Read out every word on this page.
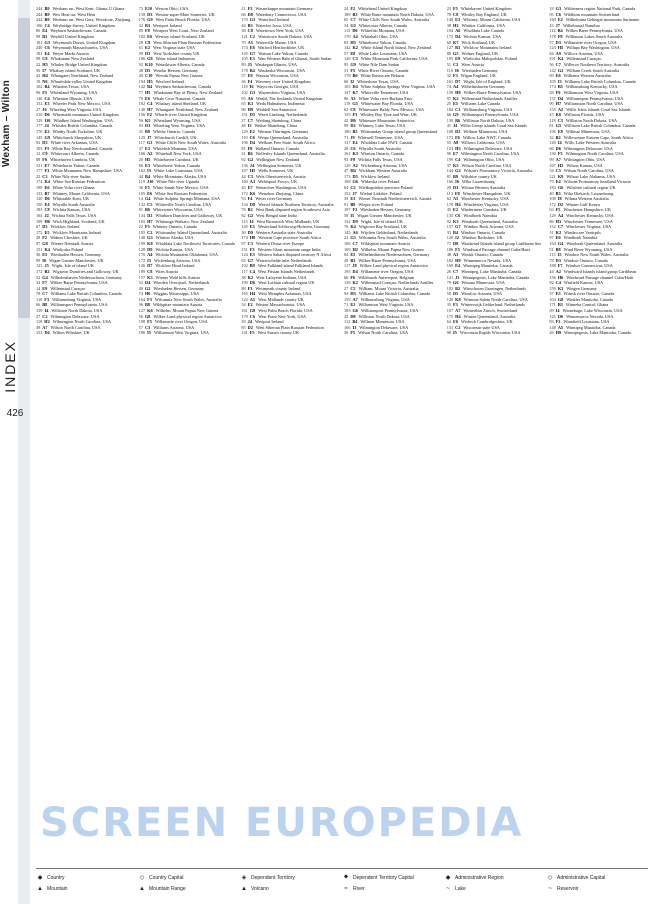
Wexham – Wilton
INDEX
426
244 B9 Wexham rur. West Kent, Ghana, U Ghana
244 B9 Wex Heat rur. West Heat
244 B9 Wexham rur. West Gera, Woodcote, Zhejiang
106 C4 Weybridge Surrey, United Kingdom
86 E4 Weyburn Saskatchewan, Canada
98 B3 Weyhill United Kingdom
181 G3 Weymouth Dorset, United Kingdom
240 C6 Weymouth Massachusetts, USA
181 E4 Weyer Markt Austria
98 C8 Whakatane New Zealand
22 H5 Whaley Bridge United Kingdom
56 I7 Whalsay island Scotland, UK
43 H4 Whangarei Northland, New Zealand
19 N6 Wharfedale valley United Kingdom
102 B4 Wharton Texas, USA
96 F5 Wheatland Wyoming, USA
146 C4 Wheaton Illinois, USA
152 E3 Wheeler Peak New Mexico, USA
27 J6 Wheeling West Virginia, USA
210 D6 Whernside mountain United Kingdom
129 I10 Whidbey Island Washington, USA
177 J4 Whistler British Columbia, Canada
170 E2 Whitby North Yorkshire, UK
145 G9 Whitchurch Shropshire, UK
92 D3 White river Arkansas, USA
103 F5 White Bay Newfoundland, Canada
12 C9 Whitecourt Alberta, Canada
88 F6 Whitehaven Cumbria, UK
121 E7 Whitehorse Yukon, Canada
177 F3 White Mountains New Hampshire, USA
25 C3 White Nile river Sudan
174 K4 White Sea Russian Federation
199 E6 White Volta river Ghana
133 B7 Whitney, Mount California, USA
120 D6 Whitstable Kent, UK
150 E4 Whyalla South Australia
183 C8 Wichita Kansas, USA
164 J2 Wichita Falls Texas, USA
199 H6 Wick Highland, Scotland, UK
67 D3 Wicklow Ireland
172 E5 Wicklow Mountains Ireland
28 F2 Widnes Cheshire, UK
97 G8 Wiener Neustadt Austria
151 K4 Wieliczka Poland
36 E5 Wiesbaden Hessen, Germany
99 I6 Wigan Greater Manchester, UK
123 J5 Wight, Isle of island UK
172 B2 Wigtown Dumfries and Galloway, UK
52 G4 Wilhelmshaven Niedersachsen, Germany
34 F7 Wilkes-Barre Pennsylvania, USA
14 E9 Willemstad Curaçao
78 C7 Williams Lake British Columbia, Canada
110 F3 Williamsburg Virginia, USA
66 B8 Williamsport Pennsylvania, USA
159 I4 Williston North Dakota, USA
27 C2 Wilmington Delaware, USA
118 H2 Wilmington North Carolina, USA
49 A7 Wilson North Carolina, USA
153 D4 Wilton Wiltshire, UK
73 E10 Weston Ohio, USA
139 D3 Weston-super-Mare Somerset, UK
176 G9 West Palm Beach Florida, USA
32 B3 Westport Ireland
89 F8 Westport West Coast, New Zealand
182 E6 Westray island Scotland, UK
28 C9 West Siberian Plain Russian Federation
61 E2 West Virginia state USA
99 D3 West Yorkshire county UK
186 G8 Wetar island Indonesia
92 K10 Wetaskiwin Alberta, Canada
48 D5 Wetzlar Hessen, Germany
40 C10 Wewak Papua New Guinea
194 H5 Wexford Ireland
142 B4 Weyburn Saskatchewan, Canada
77 H5 Whakatane Bay of Plenty, New Zealand
70 E6 Whale Cove Nunavut, Canada
102 C4 Whalsay island Shetland, UK
140 H7 Whangarei Northland, New Zealand
156 F2 Wharfe river United Kingdom
56 K5 Wheatland Wyoming, USA
83 D3 Wheeling West Virginia, USA
31 B9 Whitby Ontario, Canada
125 J7 Whitchurch Cardiff, UK
117 G3 White Cliffs New South Wales, Australia
37 E3 Whitefish Montana, USA
166 A2 Whitehall New York, USA
20 H5 Whitehaven Cumbria, UK
86 E3 Whitehorse Yukon, Canada
162 I3 White Lake Louisiana, USA
44 B4 White Mountains Alaska, USA
119 J10 White Nile river Uganda
36 F5 White Sands New Mexico, USA
105 E6 White Sea Russian Federation
14 G4 White Sulphur Springs Montana, USA
132 C5 Whiteville North Carolina, USA
81 B6 Whitewater Wisconsin, USA
134 D2 Whithorn Dumfries and Galloway, UK
165 H7 Whitianga Waikato, New Zealand
22 F5 Whitney Ontario, Canada
105 C2 Whitsunday Island Queensland, Australia
148 G3 Whittier Alaska, USA
199 K8 Wholdaia Lake Northwest Territories, Canada
128 D9 Wichita Kansas, USA
176 A4 Wichita Mountains Oklahoma, USA
172 I3 Wickenburg Arizona, USA
126 D7 Wicklow Head Ireland
189 C8 Wien Austria
157 K3 Wiener Wald hills Austria
52 D4 Wierden Overijssel, Netherlands
40 G2 Wiesbaden Hessen, Germany
74 H6 Wiggins Mississippi, USA
164 F3 Wilcannia New South Wales, Australia
96 B8 Wildspitze mountain Austria
127 K6 Wilhelm, Mount Papua New Guinea
56 G8 Wilkes Land physical region Antarctica
198 F5 Willamette river Oregon, USA
57 C3 Williams Arizona, USA
186 I5 Williamson West Virginia, USA
21 F3 Wasserkuppe mountain Germany
66 D8 Waterbury Connecticut, USA
170 G3 Waterford Ireland
44 B3 Waterloo Iowa, USA
38 C8 Watertown New York, USA
121 C2 Watertown South Dakota, USA
70 A5 Waterville Maine, USA
174 E6 Watford Hertfordshire, UK
145 G7 Watson Lake Yukon, Canada
105 E3 Wau Western Bahr el Ghazal, South Sudan
89 J5 Waukegan Illinois, USA
178 B4 Waukesha Wisconsin, USA
57 E9 Wausau Wisconsin, USA
36 F4 Waveney river United Kingdom
118 I6 Waycross Georgia, USA
102 G3 Waynesboro Virginia, USA
93 A6 Weald, The lowlands United Kingdom
65 K3 Weda Halmahera, Indonesia
86 H9 Weddell Sea Antarctica
151 D5 Weert Limburg, Netherlands
27 C7 Weifang Shandong, China
48 I3 Weihai Shandong, China
129 E2 Weimar Thüringen, Germany
110 C6 Weipa Queensland, Australia
196 D4 Welkom Free State, South Africa
81 F8 Welland Ontario, Canada
31 B6 Wellesley Islands Queensland, Australia
92 G2 Wellington New Zealand
136 J4 Wellington Somerset, UK
167 H5 Wells Somerset, UK
44 C3 Wels Oberösterreich, Austria
160 A3 Welshpool Powys, UK
45 E7 Wenatchee Washington, USA
172 K6 Wenzhou Zhejiang, China
93 F4 Weser river Germany
134 D8 Wessel Islands Northern Territory, Australia
76 B2 West Bank disputed region Southwest Asia
82 G2 West Bengal state India
115 I4 West Bromwich West Midlands, UK
145 E5 Westerland Schleswig-Holstein, Germany
30 D9 Western Australia state Australia
174 H8 Western Cape province South Africa
97 C3 Western Dvina river Europe
151 F3 Western Ghats mountain range India
124 E5 Western Sahara disputed territory N Africa
63 G7 Westerschelde inlet Netherlands
102 B9 West Falkland island Falkland Islands
117 C4 West Frisian Islands Netherlands
38 K2 West Lafayette Indiana, USA
190 D6 West Lothian cultural region UK
88 F3 Westmeath county Ireland
165 H4 West Memphis Arkansas, USA
122 A5 West Midlands county UK
54 E2 Weston Massachusetts, USA
161 G8 West Palm Beach Florida, USA
179 C6 West Point New York, USA
39 J4 Westport Ireland
85 D2 West Siberian Plain Russian Federation
141 F5 West Sussex county UK
24 F2 Whitehead United Kingdom
189 B3 White Butte mountain North Dakota, USA
65 C7 White Cliffs New South Wales, Australia
34 G2 Whitecourt Alberta, Canada
113 D6 Whitefish Montana, USA
170 A4 Whitehall Ohio, USA
83 H5 Whitehorse Yukon, Canada
142 K2 White Island North Island, New Zealand
57 E8 White Lake Louisiana, USA
126 C3 White Mountain Peak California, USA
95 G9 White Nile Dam Sudan
31 F5 White River Ontario, Canada
178 B6 White Russia see Belarus
60 I2 Whitesboro Texas, USA
103 D4 White Sulphur Springs West Virginia, USA
147 K7 Whiteville Tennessee, USA
86 A3 White Volta river Burkina Faso
119 G5 Whitewater Bay Florida, USA
62 C8 Whitewater Baldy New Mexico, USA
155 F3 Whitley Bay Tyne and Wear, UK
42 H6 Whitmore Mountains Antarctica
99 D2 Whitney, Lake Texas, USA
180 B5 Whitsunday Group island group Queensland
71 J9 Whitwell Tennessee, USA
137 E4 Wholdaia Lake NWT, Canada
28 C6 Whyalla South Australia
161 K3 Wiarton Ontario, Canada
93 F8 Wichita Falls Texas, USA
120 A2 Wickenburg Arizona, USA
47 H4 Wickham Western Australia
173 D5 Wicklow Ireland
108 G6 Widawka river Poland
64 C2 Wielkopolskie province Poland
152 J7 Wieluń Łódzkie, Poland
35 E3 Wiener Neustadt Niederösterreich, Austria
91 B8 Wieprz river Poland
187 F2 Wiesbaden Hessen, Germany
58 I5 Wigan Greater Manchester, UK
132 D9 Wight, Isle of island UK
76 K4 Wigtown Bay Scotland, UK
143 A6 Wijchen Gelderland, Netherlands
22 G3 Wilcannia New South Wales, Australia
106 C7 Wildspitze mountain Austria
169 H2 Wilhelm, Mount Papua New Guinea
84 E5 Wilhelmshaven Niedersachsen, Germany
49 B3 Wilkes-Barre Pennsylvania, USA
117 J8 Wilkes Land physical region Antarctica
195 D4 Willamette river Oregon, USA
66 F6 Willebroek Antwerpen, Belgium
138 K2 Willemstad Curaçao, Netherlands Antilles
27 C5 William, Mount Victoria, Australia
94 H3 Williams Lake British Columbia, Canada
159 A7 Williamsburg Virginia, USA
71 E2 Williamson West Virginia, USA
183 G6 Williamsport Pennsylvania, USA
45 D8 Williston North Dakota, USA
112 B4 Willmar Minnesota, USA
166 I3 Wilmington Delaware, USA
30 F5 Wilson North Carolina, USA
23 F5 Whitehaven United Kingdom
78 C8 Whitley Bay England, UK
149 E3 Whitney, Mount California, USA
38 H2 Whittier California, USA
104 A6 Wholdaia Lake Canada
173 D4 Wichita Kansas, USA
60 K7 Wick Scotland, UK
127 B3 Wicklow Mountains Ireland
88 G5 Widnes England, UK
195 E9 Wieliczka Małopolskie, Poland
51 C2 Wien Austria
116 I6 Wiesbaden Germany
32 F3 Wigan England, UK
161 D7 Wight, Isle of England, UK
74 A4 Wilhelmshaven Germany
139 H8 Wilkes-Barre Pennsylvania, USA
97 K2 Willemstad Netherlands Antilles
25 E5 Williams Lake Canada
184 C3 Williamsburg Virginia, USA
66 G9 Williamsport Pennsylvania, USA
130 B6 Williston North Dakota, USA
41 J4 Willis Group islands Coral Sea Islands
108 D2 Willmar Minnesota, USA
172 F6 Willow Lake NWT, Canada
55 A8 Willows California, USA
123 H3 Wilmington Delaware, USA
90 E7 Wilmington North Carolina, USA
199 C4 Wilmington Ohio, USA
37 K5 Wilson North Carolina, USA
144 G2 Wilson's Promontory Victoria, Australia
81 B9 Wiltshire county UK
166 I6 Wiltz Luxembourg
29 D3 Wiluna Western Australia
113 F8 Winchester Hampshire, UK
62 A5 Winchester Kentucky, USA
178 H4 Winchester Virginia, USA
45 E2 Windermere Cumbria, UK
135 C6 Windhoek Namibia
92 K3 Windorah Queensland, Australia
157 G7 Window Rock Arizona, USA
33 B4 Windsor Ontario, Canada
120 I2 Windsor Berkshire, UK
71 D8 Windward Islands island group Caribbean Sea
186 F5 Windward Passage channel Cuba/Haiti
48 A3 Winisk Ontario, Canada
102 H9 Winnemucca Nevada, USA
169 E4 Winnipeg Manitoba, Canada
26 C7 Winnipeg, Lake Manitoba, Canada
141 J3 Winnipegosis, Lake Manitoba, Canada
79 G6 Winona Minnesota, USA
192 B2 Winschoten Groningen, Netherlands
58 D5 Winslow Arizona, USA
126 K8 Winston-Salem North Carolina, USA
35 F3 Winterswijk Gelderland, Netherlands
107 A7 Winterthur Zürich, Switzerland
175 H4 Winton Queensland, Australia
64 E6 Wisbech Cambridgeshire, UK
131 C2 Wisconsin state USA
98 I5 Wisconsin Rapids Wisconsin, USA
18 G3 Wilderness region National Park, Canada
95 C6 Wildhorn mountain Switzerland
160 E2 Wilhelmina Gebergte mountains Suriname
43 J7 Wilhelmstal Namibia
112 B4 Wilkes Barre Pennsylvania, USA
178 F8 Wilkinson Lakes South Australia
57 D3 Willamette river Oregon, USA
123 H5 Willapa Bay Washington, USA
84 A9 Willcox Arizona, USA
191 K4 Willemstad Curaçao
36 C7 Willeroo Northern Territory, Australia
142 G2 William Creek South Australia
69 E6 Williams Western Australia
105 I3 Williams Lake British Columbia, Canada
174 B5 Williamsburg Kentucky, USA
28 F9 Williamson West Virginia, USA
137 D4 Williamsport Pennsylvania, USA
90 H7 Williamston North Carolina, USA
155 A2 Willis Islets islands Coral Sea Islands
47 K6 Williston Florida, USA
118 C3 Williston North Dakota, USA
81 G5 Williston Lake British Columbia, Canada
196 E8 Willmar Minnesota, USA
32 B2 Willowmore Eastern Cape, South Africa
149 I4 Wills, Lake Western Australia
66 D6 Wilmington Delaware, USA
130 F3 Wilmington North Carolina, USA
99 A7 Wilmington Ohio, USA
167 H2 Wilson Kansas, USA
54 C5 Wilson North Carolina, USA
121 K9 Wilson Lake Alabama, USA
75 E4 Wilsons Promontory headland Victoria
183 G6 Wiltshire cultural region UK
40 B3 Wiltz Diekirch, Luxembourg
108 I8 Wiluna Western Australia
172 D2 Winam Gulf Kenya
63 F5 Winchester Hampshire, UK
129 A4 Winchester Kentucky, USA
86 H3 Winchester Tennessee, USA
152 C7 Winchester Virginia, USA
31 K2 Windau see Ventspils
97 E6 Windhoek Namibia
164 G4 Windorah Queensland, Australia
51 B8 Wind River Wyoming, USA
115 I5 Windsor New South Wales, Australia
78 D3 Windsor Ontario, Canada
188 F7 Windsor Connecticut, USA
44 A2 Windward Islands island group Caribbean
136 H6 Windward Passage channel Cuba/Haiti
92 C4 Winfield Kansas, USA
159 K3 Wingen Germany
37 E5 Winisk river Ontario, Canada
104 G8 Winkler Manitoba, Canada
171 B3 Winneba Central, Ghana
59 I4 Winnebago, Lake Wisconsin, USA
125 D6 Winnemucca Nevada, USA
83 F2 Winnfield Louisiana, USA
148 A5 Winnipeg Manitoba, Canada
26 H9 Winnipegosis, Lake Manitoba, Canada
◆ Country	◇ Country Capital	◈ Dependent Territory	⬥ Dependent Territory Capital	◆ Administrative Region	◇ Administrative Capital
▲ Mountain	▲ Mountain Range	▲ Volcano	≈	River	~	Lake	~	Reservoir
SCREEN EUROPEDIA
